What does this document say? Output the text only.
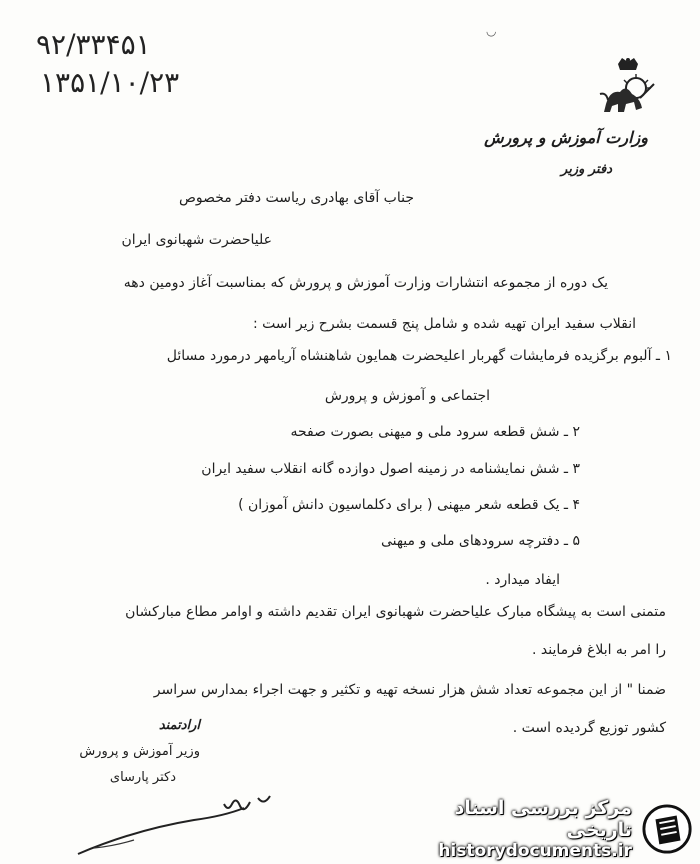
۹۲/۳۳۴۵۱
۱۳۵۱/۱۰/۲۳
◡
وزارت آموزش و پرورش
دفتر وزیر
جناب آقای بهادری ریاست دفتر مخصوص
علیاحضرت شهبانوی ایران
یک دوره از مجموعه انتشارات وزارت آموزش و پرورش که بمناسبت آغاز دومین دهه
انقلاب سفید ایران تهیه شده و شامل پنج قسمت بشرح زیر است :
۱ ـ آلبوم برگزیده فرمایشات گهربار اعلیحضرت همایون شاهنشاه آریامهر درمورد مسائل
اجتماعی و آموزش و پرورش
۲ ـ شش قطعه سرود ملی و میهنی بصورت صفحه
۳ ـ شش نمایشنامه در زمینه اصول دوازده گانه انقلاب سفید ایران
۴ ـ یک قطعه شعر میهنی ( برای دکلماسیون دانش آموزان )
۵ ـ دفترچه سرودهای ملی و میهنی
ایفاد میدارد .
متمنی است به پیشگاه مبارک علیاحضرت شهبانوی ایران تقدیم داشته و اوامر مطاع مبارکشان
را امر به ابلاغ فرمایند .
ضمنا " از این مجموعه تعداد شش هزار نسخه تهیه و تکثیر و جهت اجراء بمدارس سراسر
کشور توزیع گردیده است .
ارادتمند
وزیر آموزش و پرورش
دکتر پارسای
مرکز بررسی اسناد تاریخی
historydocuments.ir
